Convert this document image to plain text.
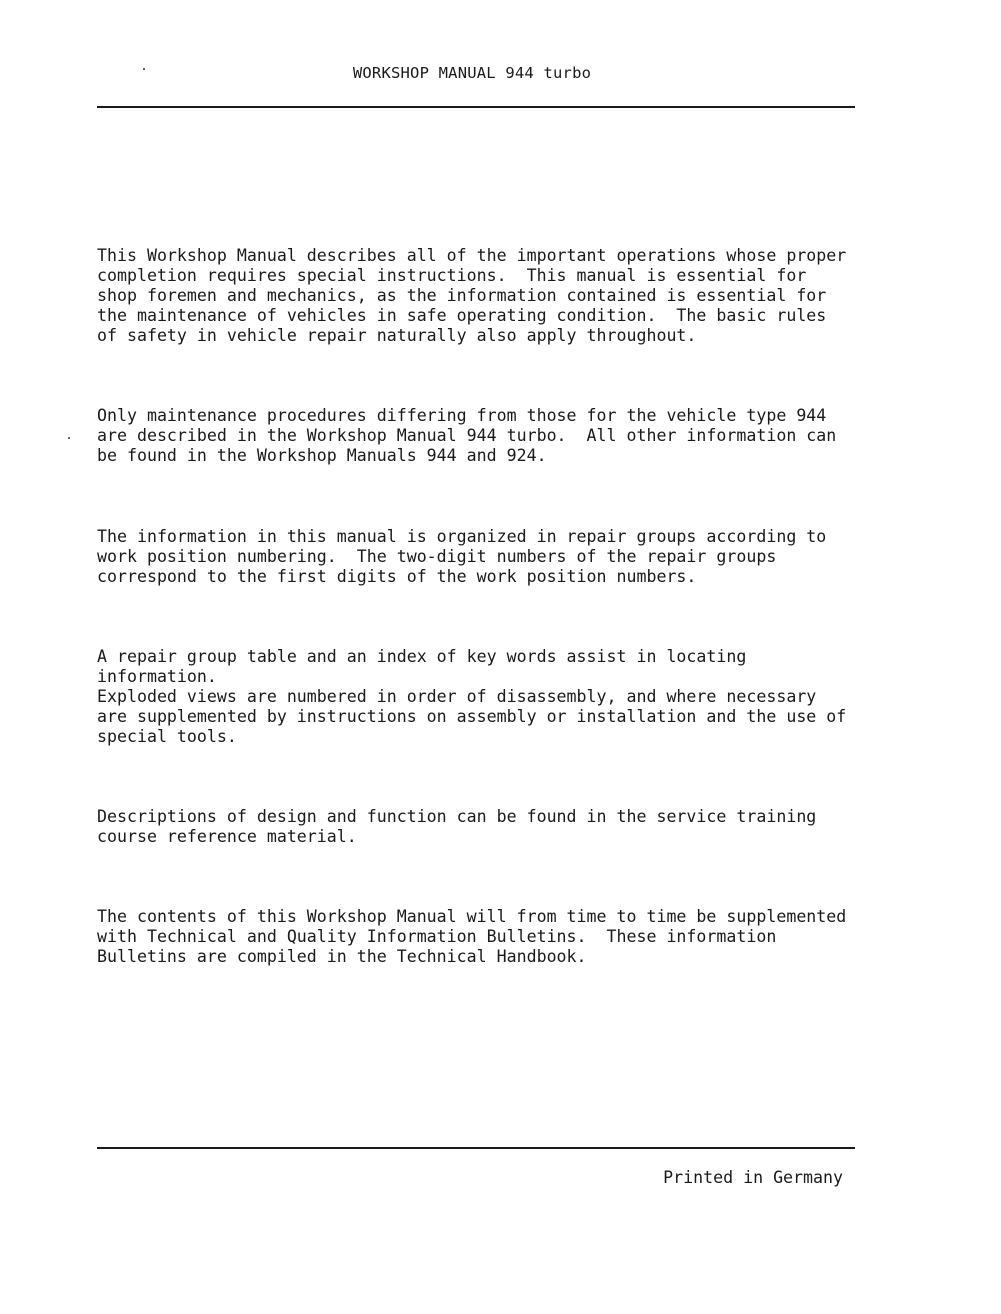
WORKSHOP MANUAL 944 turbo
This Workshop Manual describes all of the important operations whose proper
completion requires special instructions.  This manual is essential for
shop foremen and mechanics, as the information contained is essential for
the maintenance of vehicles in safe operating condition.  The basic rules
of safety in vehicle repair naturally also apply throughout.
Only maintenance procedures differing from those for the vehicle type 944
are described in the Workshop Manual 944 turbo.  All other information can
be found in the Workshop Manuals 944 and 924.
The information in this manual is organized in repair groups according to
work position numbering.  The two-digit numbers of the repair groups
correspond to the first digits of the work position numbers.
A repair group table and an index of key words assist in locating
information.
Exploded views are numbered in order of disassembly, and where necessary
are supplemented by instructions on assembly or installation and the use of
special tools.
Descriptions of design and function can be found in the service training
course reference material.
The contents of this Workshop Manual will from time to time be supplemented
with Technical and Quality Information Bulletins.  These information
Bulletins are compiled in the Technical Handbook.
Printed in Germany
